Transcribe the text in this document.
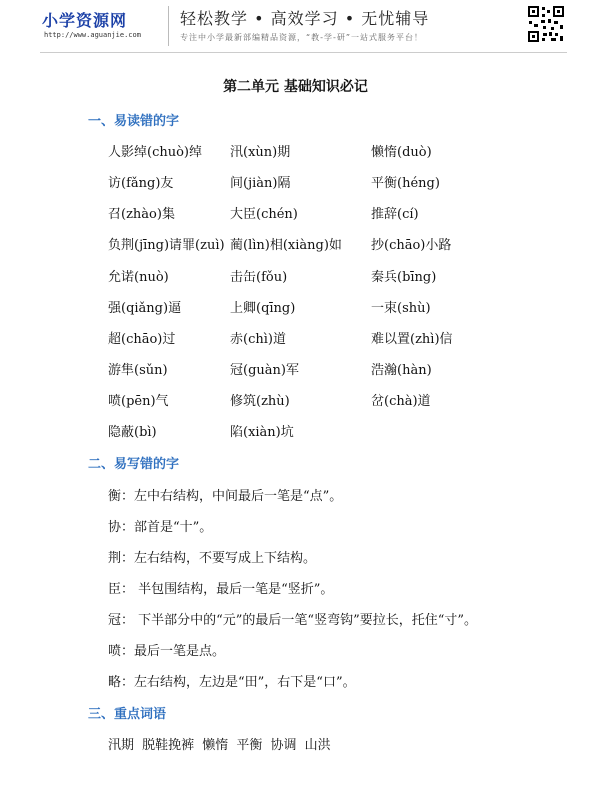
小学资源网
http://www.aguanjie.com
轻松教学 • 高效学习 • 无忧辅导
专注中小学最新部编精品资源，“教-学-研”一站式服务平台！
第二单元 基础知识必记
一、易读错的字
人影绰(chuò)绰 汛(xùn)期	懒惰(duò)
访(fǎng)友	间(jiàn)隔	平衡(héng)
召(zhào)集	大臣(chén)	推辞(cí)
负荆(jīng)请罪(zuì) 蔺(lìn)相(xiàng)如 抄(chāo)小路
允诺(nuò)	击缶(fǒu)	秦兵(bīng)
强(qiǎng)逼	上卿(qīng)	一束(shù)
超(chāo)过	赤(chì)道	难以置(zhì)信
游隼(sǔn)	冠(guàn)军	浩瀚(hàn)
喷(pēn)气	修筑(zhù)	岔(chà)道
隐蔽(bì)	陷(xiàn)坑
二、易写错的字
衡：左中右结构，中间最后一笔是“点”。
协：部首是“十”。
荆：左右结构，不要写成上下结构。
臣： 半包围结构，最后一笔是“竖折”。
冠： 下半部分中的“元”的最后一笔“竖弯钩”要拉长，托住“寸”。
喷：最后一笔是点。
略：左右结构，左边是“田”，右下是“口”。
三、重点词语
汛期 脱鞋挽裤 懒惰 平衡 协调 山洪
